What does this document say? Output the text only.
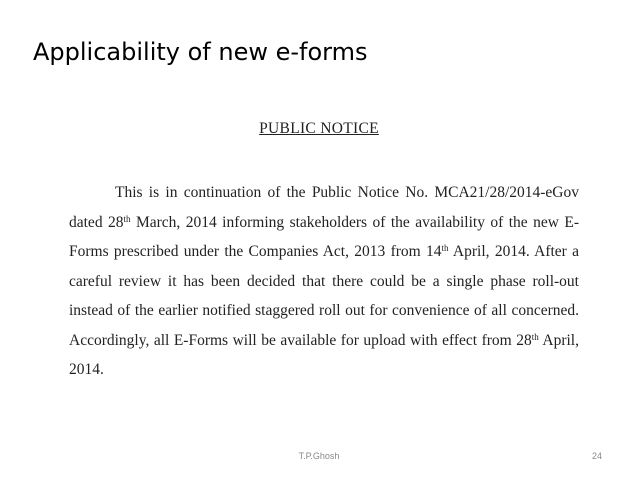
Applicability of new e-forms
PUBLIC NOTICE
This is in continuation of the Public Notice No. MCA21/28/2014-eGov
dated 28th March, 2014 informing stakeholders of the availability of the new E-
Forms prescribed under the Companies Act, 2013 from 14th April, 2014. After a
careful review it has been decided that there could be a single phase roll-out
instead of the earlier notified staggered roll out for convenience of all concerned.
Accordingly, all E-Forms will be available for upload with effect from 28th April,
2014.
T.P.Ghosh	24
